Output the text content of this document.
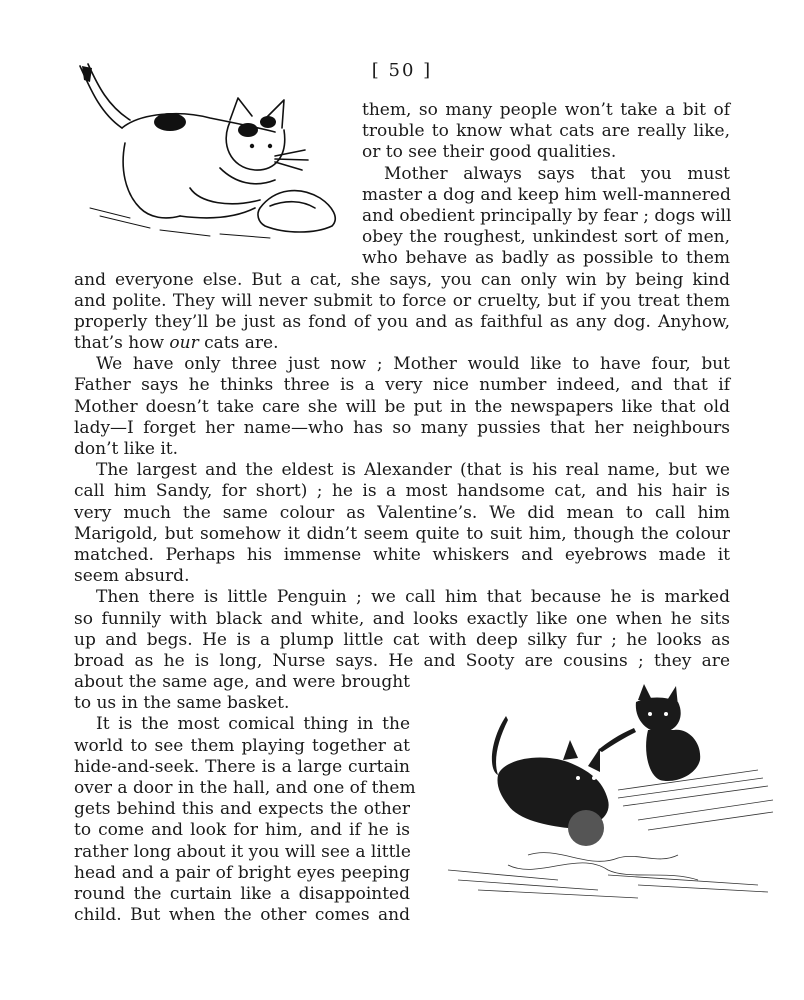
[ 50 ]
them, so many people won’t take a bit of
trouble to know what cats are really like,
or to see their good qualities.
Mother always says that you must
master a dog and keep him well-mannered
and obedient principally by fear ; dogs will
obey the roughest, unkindest sort of men,
who behave as badly as possible to them
and everyone else. But a cat, she says, you can only win by being kind
and polite. They will never submit to force or cruelty, but if you treat them
properly they’ll be just as fond of you and as faithful as any dog. Anyhow,
that’s how our cats are.
We have only three just now ; Mother would like to have four, but
Father says he thinks three is a very nice number indeed, and that if
Mother doesn’t take care she will be put in the newspapers like that old
lady—I forget her name—who has so many pussies that her neighbours
don’t like it.
The largest and the eldest is Alexander (that is his real name, but we
call him Sandy, for short) ; he is a most handsome cat, and his hair is
very much the same colour as Valentine’s. We did mean to call him
Marigold, but somehow it didn’t seem quite to suit him, though the colour
matched. Perhaps his immense white whiskers and eyebrows made it
seem absurd.
Then there is little Penguin ; we call him that because he is marked
so funnily with black and white, and looks exactly like one when he sits
up and begs. He is a plump little cat with deep silky fur ; he looks as
broad as he is long, Nurse says. He and Sooty are cousins ; they are
about the same age, and were brought
to us in the same basket.
It is the most comical thing in the
world to see them playing together at
hide-and-seek. There is a large curtain
over a door in the hall, and one of them
gets behind this and expects the other
to come and look for him, and if he is
rather long about it you will see a little
head and a pair of bright eyes peeping
round the curtain like a disappointed
child. But when the other comes and
